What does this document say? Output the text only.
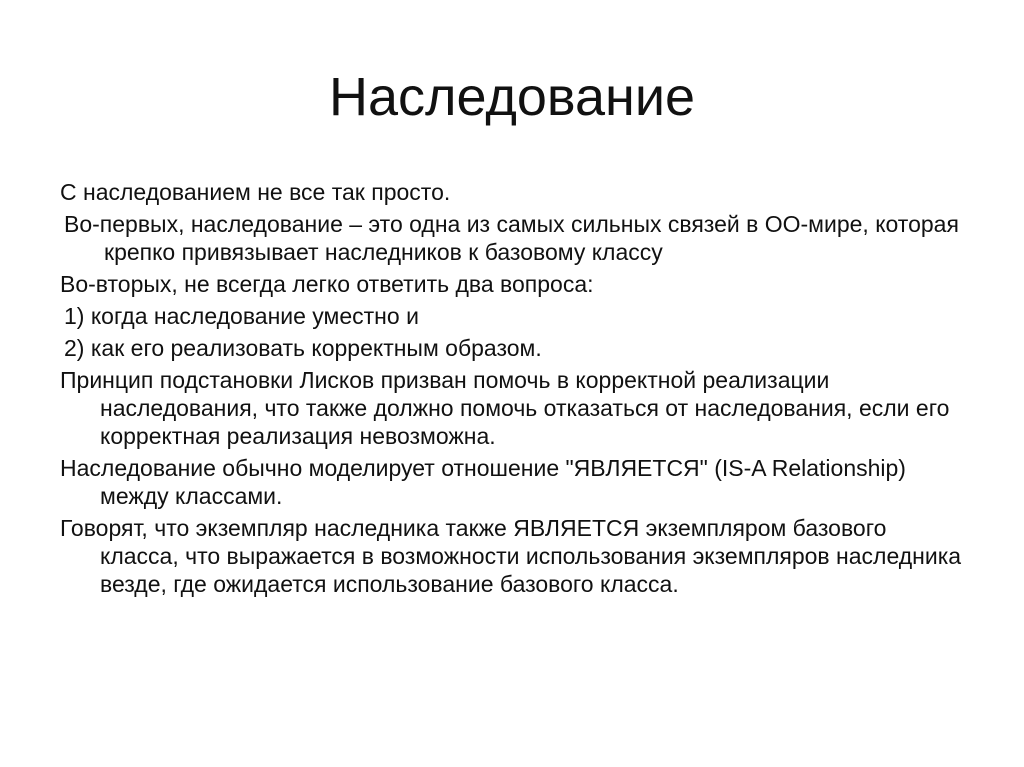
Наследование

С наследованием не все так просто.

Во-первых, наследование – это одна из самых сильных связей в ОО-мире, которая крепко привязывает наследников к базовому классу

Во-вторых, не всегда легко ответить два вопроса:

1) когда наследование уместно и

2) как его реализовать корректным образом.

Принцип подстановки Лисков призван помочь в корректной реализации наследования, что также должно помочь отказаться от наследования, если его корректная реализация невозможна.

Наследование обычно моделирует отношение "ЯВЛЯЕТСЯ" (IS-A Relationship) между классами.

Говорят, что экземпляр наследника также ЯВЛЯЕТСЯ экземпляром базового класса, что выражается в возможности использования экземпляров наследника везде, где ожидается использование базового класса.
